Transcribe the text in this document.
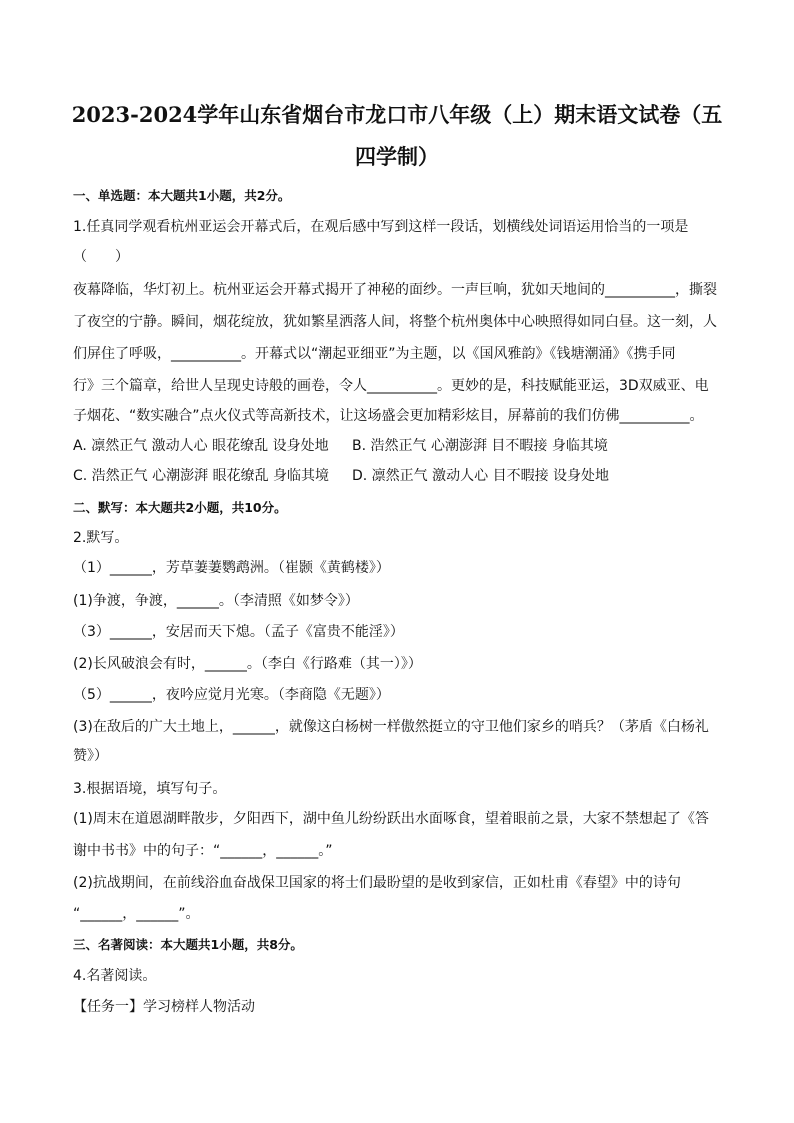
2023-2024学年山东省烟台市龙口市八年级（上）期末语文试卷（五
四学制）
一、单选题：本大题共1小题，共2分。
1.任真同学观看杭州亚运会开幕式后，在观后感中写到这样一段话，划横线处词语运用恰当的一项是
（　　）
夜幕降临，华灯初上。杭州亚运会开幕式揭开了神秘的面纱。一声巨响，犹如天地间的__________，撕裂
了夜空的宁静。瞬间，烟花绽放，犹如繁星洒落人间，将整个杭州奥体中心映照得如同白昼。这一刻，人
们屏住了呼吸，__________。开幕式以“潮起亚细亚”为主题，以《国风雅韵》《钱塘潮涌》《携手同
行》三个篇章，给世人呈现史诗般的画卷，令人__________。更妙的是，科技赋能亚运，3D双威亚、电
子烟花、“数实融合”点火仪式等高新技术，让这场盛会更加精彩炫目，屏幕前的我们仿佛__________。
A. 凛然正气 激动人心 眼花缭乱 设身处地 B. 浩然正气 心潮澎湃 目不暇接 身临其境
C. 浩然正气 心潮澎湃 眼花缭乱 身临其境 D. 凛然正气 激动人心 目不暇接 设身处地
二、默写：本大题共2小题，共10分。
2.默写。
（1）______，芳草萋萋鹦鹉洲。（崔颢《黄鹤楼》）
(1)争渡，争渡，______。（李清照《如梦令》）
（3）______，安居而天下熄。（孟子《富贵不能淫》）
(2)长风破浪会有时，______。（李白《行路难（其一）》）
（5）______，夜吟应觉月光寒。（李商隐《无题》）
(3)在敌后的广大土地上，______，就像这白杨树一样傲然挺立的守卫他们家乡的哨兵？（茅盾《白杨礼
赞》）
3.根据语境，填写句子。
(1)周末在道恩湖畔散步，夕阳西下，湖中鱼儿纷纷跃出水面啄食，望着眼前之景，大家不禁想起了《答
谢中书书》中的句子：“______，______。”
(2)抗战期间，在前线浴血奋战保卫国家的将士们最盼望的是收到家信，正如杜甫《春望》中的诗句
“______，______”。
三、名著阅读：本大题共1小题，共8分。
4.名著阅读。
【任务一】学习榜样人物活动
